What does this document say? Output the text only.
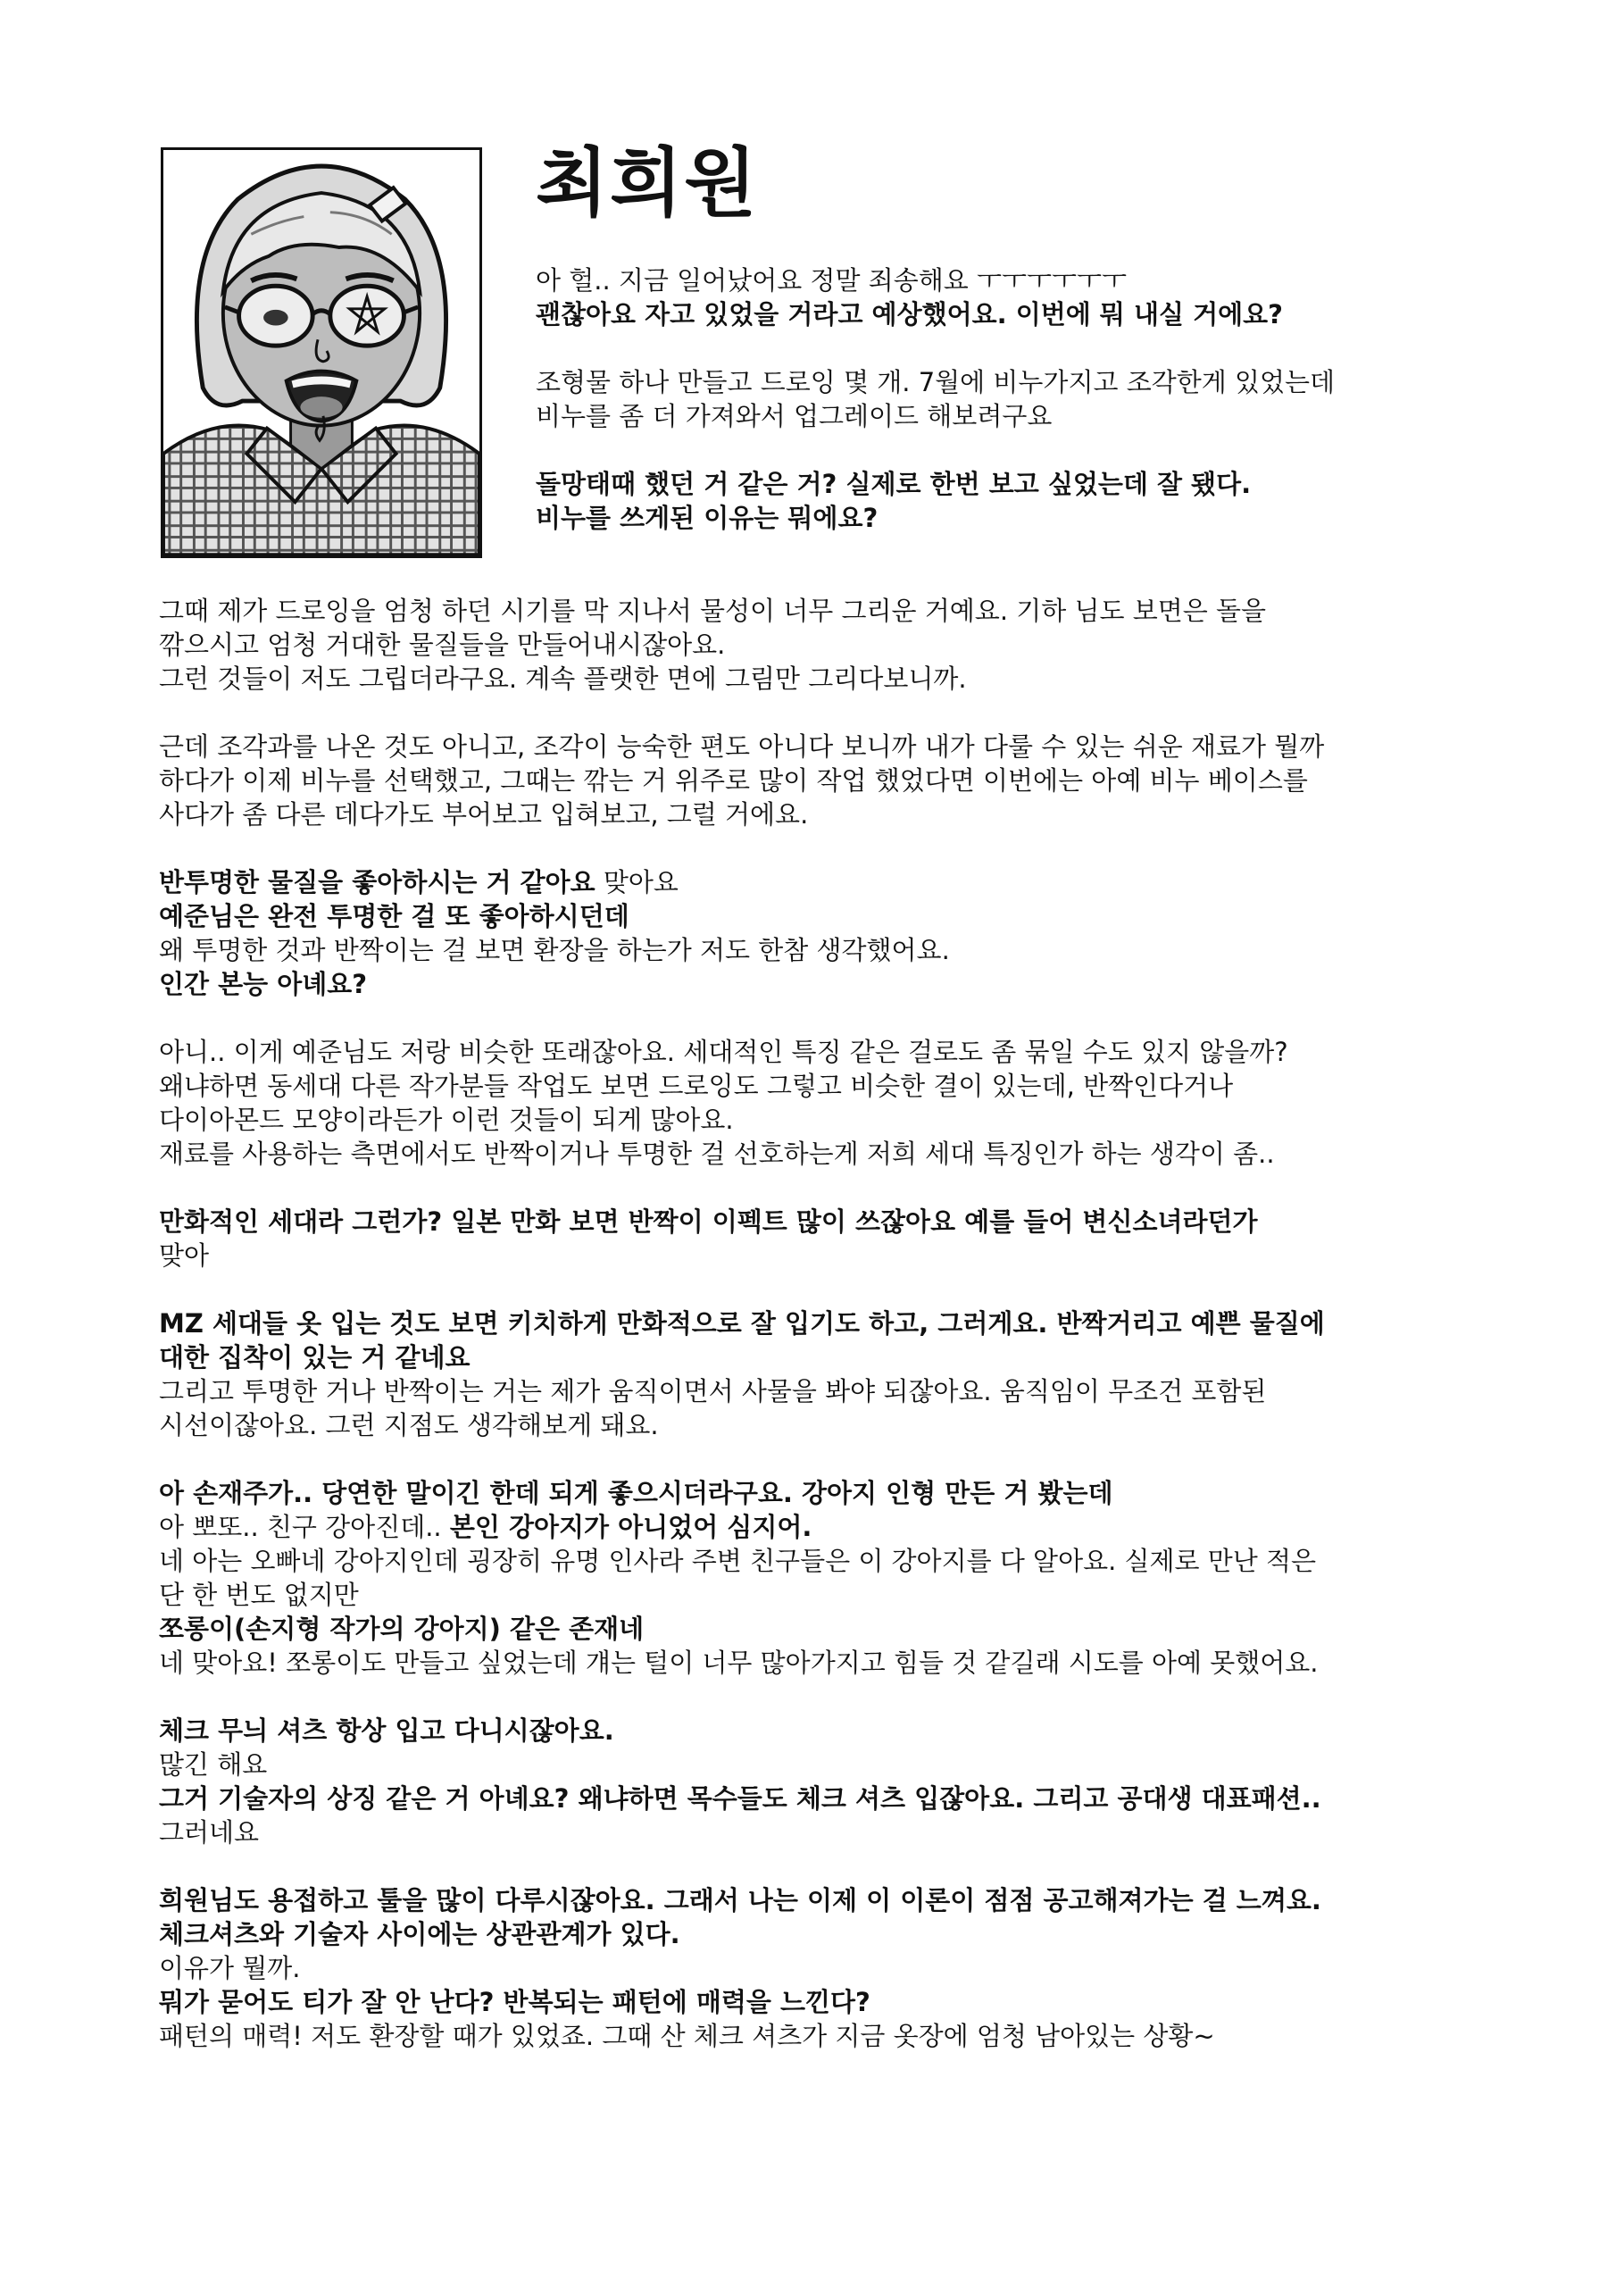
최희원
아 헐.. 지금 일어났어요 정말 죄송해요 ㅜㅜㅜㅜㅜㅜ
괜찮아요 자고 있었을 거라고 예상했어요. 이번에 뭐 내실 거에요?
조형물 하나 만들고 드로잉 몇 개. 7월에 비누가지고 조각한게 있었는데
비누를 좀 더 가져와서 업그레이드 해보려구요
돌망태때 했던 거 같은 거? 실제로 한번 보고 싶었는데 잘 됐다.
비누를 쓰게된 이유는 뭐에요?
그때 제가 드로잉을 엄청 하던 시기를 막 지나서 물성이 너무 그리운 거예요. 기하 님도 보면은 돌을
깎으시고 엄청 거대한 물질들을 만들어내시잖아요.
그런 것들이 저도 그립더라구요. 계속 플랫한 면에 그림만 그리다보니까.
근데 조각과를 나온 것도 아니고, 조각이 능숙한 편도 아니다 보니까 내가 다룰 수 있는 쉬운 재료가 뭘까
하다가 이제 비누를 선택했고, 그때는 깎는 거 위주로 많이 작업 했었다면 이번에는 아예 비누 베이스를
사다가 좀 다른 데다가도 부어보고 입혀보고, 그럴 거에요.
반투명한 물질을 좋아하시는 거 같아요 맞아요
예준님은 완전 투명한 걸 또 좋아하시던데
왜 투명한 것과 반짝이는 걸 보면 환장을 하는가 저도 한참 생각했어요.
인간 본능 아녜요?
아니.. 이게 예준님도 저랑 비슷한 또래잖아요. 세대적인 특징 같은 걸로도 좀 묶일 수도 있지 않을까?
왜냐하면 동세대 다른 작가분들 작업도 보면 드로잉도 그렇고 비슷한 결이 있는데, 반짝인다거나
다이아몬드 모양이라든가 이런 것들이 되게 많아요.
재료를 사용하는 측면에서도 반짝이거나 투명한 걸 선호하는게 저희 세대 특징인가 하는 생각이 좀..
만화적인 세대라 그런가? 일본 만화 보면 반짝이 이펙트 많이 쓰잖아요 예를 들어 변신소녀라던가
맞아
MZ 세대들 옷 입는 것도 보면 키치하게 만화적으로 잘 입기도 하고, 그러게요. 반짝거리고 예쁜 물질에
대한 집착이 있는 거 같네요
그리고 투명한 거나 반짝이는 거는 제가 움직이면서 사물을 봐야 되잖아요. 움직임이 무조건 포함된
시선이잖아요. 그런 지점도 생각해보게 돼요.
아 손재주가.. 당연한 말이긴 한데 되게 좋으시더라구요. 강아지 인형 만든 거 봤는데
아 뽀또.. 친구 강아진데.. 본인 강아지가 아니었어 심지어.
네 아는 오빠네 강아지인데 굉장히 유명 인사라 주변 친구들은 이 강아지를 다 알아요. 실제로 만난 적은
단 한 번도 없지만
쪼롱이(손지형 작가의 강아지) 같은 존재네
네 맞아요! 쪼롱이도 만들고 싶었는데 걔는 털이 너무 많아가지고 힘들 것 같길래 시도를 아예 못했어요.
체크 무늬 셔츠 항상 입고 다니시잖아요.
많긴 해요
그거 기술자의 상징 같은 거 아녜요? 왜냐하면 목수들도 체크 셔츠 입잖아요. 그리고 공대생 대표패션..
그러네요
희원님도 용접하고 툴을 많이 다루시잖아요. 그래서 나는 이제 이 이론이 점점 공고해져가는 걸 느껴요.
체크셔츠와 기술자 사이에는 상관관계가 있다.
이유가 뭘까.
뭐가 묻어도 티가 잘 안 난다? 반복되는 패턴에 매력을 느낀다?
패턴의 매력! 저도 환장할 때가 있었죠. 그때 산 체크 셔츠가 지금 옷장에 엄청 남아있는 상황~
